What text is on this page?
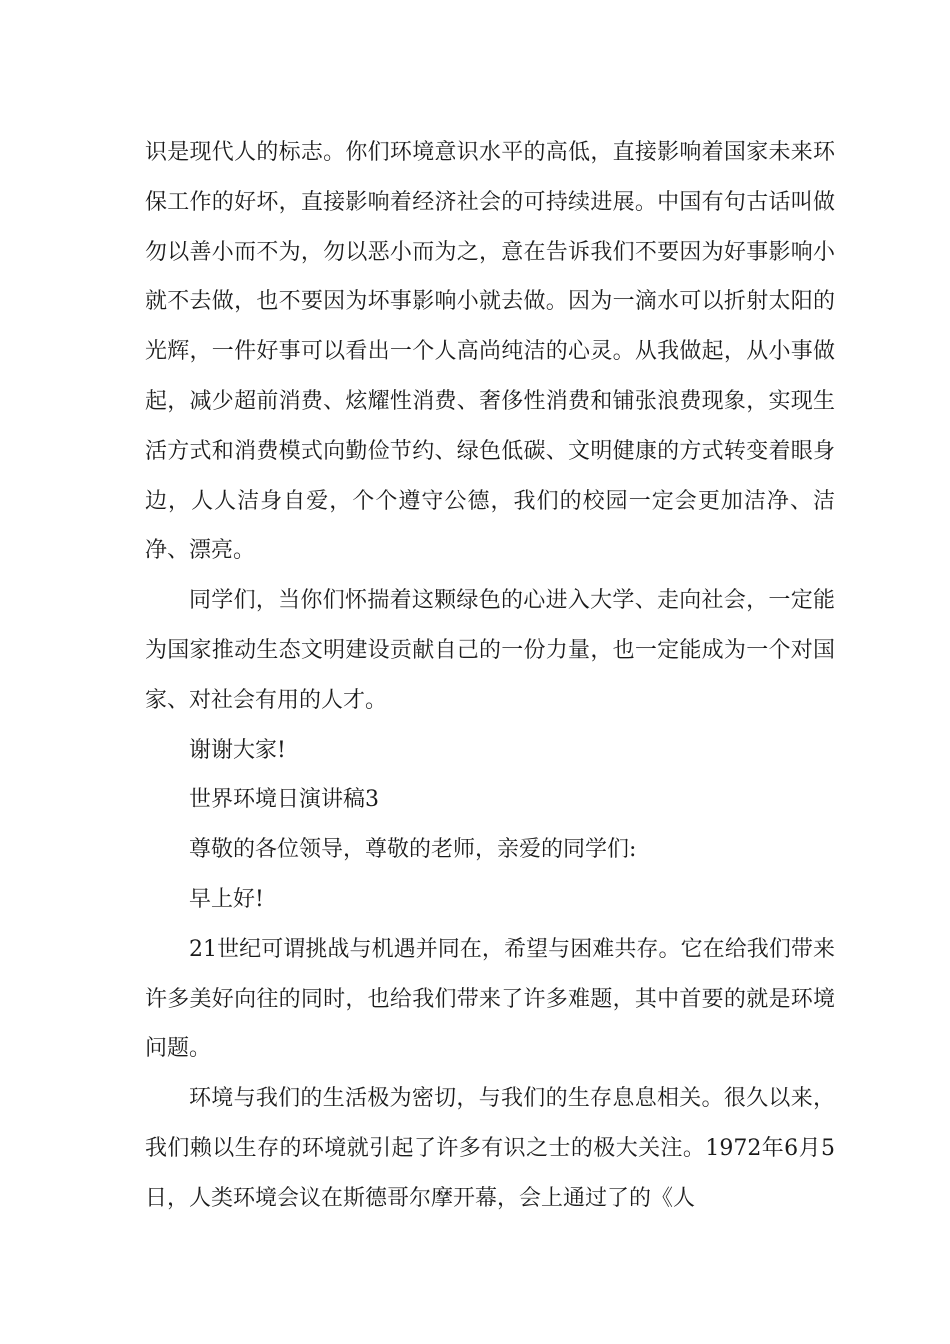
识是现代人的标志。你们环境意识水平的高低，直接影响着国家未来环保工作的好坏，直接影响着经济社会的可持续进展。中国有句古话叫做勿以善小而不为，勿以恶小而为之，意在告诉我们不要因为好事影响小就不去做，也不要因为坏事影响小就去做。因为一滴水可以折射太阳的光辉，一件好事可以看出一个人高尚纯洁的心灵。从我做起，从小事做起，减少超前消费、炫耀性消费、奢侈性消费和铺张浪费现象，实现生活方式和消费模式向勤俭节约、绿色低碳、文明健康的方式转变着眼身边，人人洁身自爱，个个遵守公德，我们的校园一定会更加洁净、洁净、漂亮。

同学们，当你们怀揣着这颗绿色的心进入大学、走向社会，一定能为国家推动生态文明建设贡献自己的一份力量，也一定能成为一个对国家、对社会有用的人才。

谢谢大家!

世界环境日演讲稿3

尊敬的各位领导，尊敬的老师，亲爱的同学们:

早上好!

21世纪可谓挑战与机遇并同在，希望与困难共存。它在给我们带来许多美好向往的同时，也给我们带来了许多难题，其中首要的就是环境问题。

环境与我们的生活极为密切，与我们的生存息息相关。很久以来，我们赖以生存的环境就引起了许多有识之士的极大关注。1972年6月5日，人类环境会议在斯德哥尔摩开幕，会上通过了的《人
